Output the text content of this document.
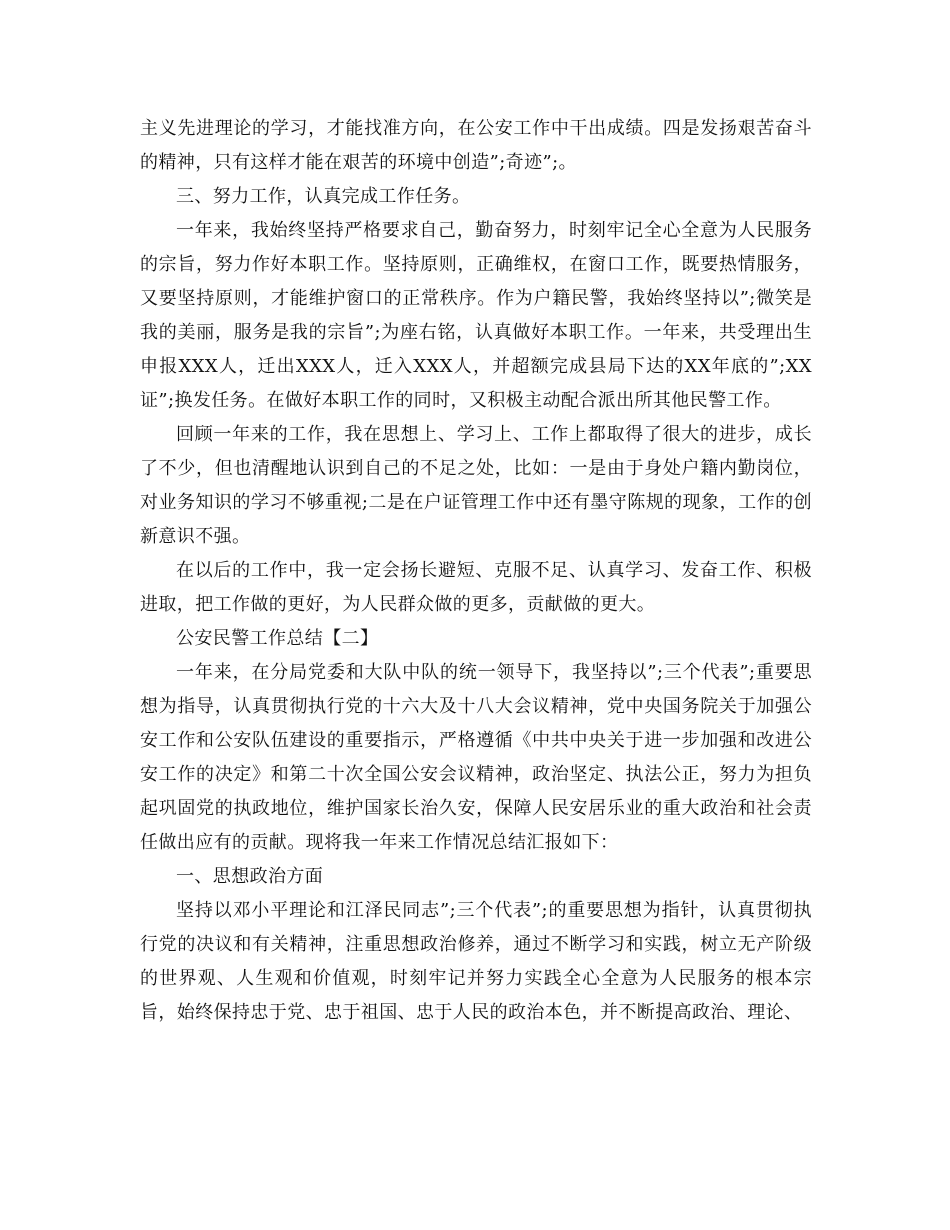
主义先进理论的学习，才能找准方向，在公安工作中干出成绩。四是发扬艰苦奋斗的精神，只有这样才能在艰苦的环境中创造”;奇迹”;。

三、努力工作，认真完成工作任务。

一年来，我始终坚持严格要求自己，勤奋努力，时刻牢记全心全意为人民服务的宗旨，努力作好本职工作。坚持原则，正确维权，在窗口工作，既要热情服务，又要坚持原则，才能维护窗口的正常秩序。作为户籍民警，我始终坚持以”;微笑是我的美丽，服务是我的宗旨”;为座右铭，认真做好本职工作。一年来，共受理出生申报XXX人，迁出XXX人，迁入XXX人，并超额完成县局下达的XX年底的”;XX证”;换发任务。在做好本职工作的同时，又积极主动配合派出所其他民警工作。

回顾一年来的工作，我在思想上、学习上、工作上都取得了很大的进步，成长了不少，但也清醒地认识到自己的不足之处，比如：一是由于身处户籍内勤岗位，对业务知识的学习不够重视;二是在户证管理工作中还有墨守陈规的现象，工作的创新意识不强。

在以后的工作中，我一定会扬长避短、克服不足、认真学习、发奋工作、积极进取，把工作做的更好，为人民群众做的更多，贡献做的更大。

公安民警工作总结【二】

一年来，在分局党委和大队中队的统一领导下，我坚持以”;三个代表”;重要思想为指导，认真贯彻执行党的十六大及十八大会议精神，党中央国务院关于加强公安工作和公安队伍建设的重要指示，严格遵循《中共中央关于进一步加强和改进公安工作的决定》和第二十次全国公安会议精神，政治坚定、执法公正，努力为担负起巩固党的执政地位，维护国家长治久安，保障人民安居乐业的重大政治和社会责任做出应有的贡献。现将我一年来工作情况总结汇报如下：

一、思想政治方面

坚持以邓小平理论和江泽民同志”;三个代表”;的重要思想为指针，认真贯彻执行党的决议和有关精神，注重思想政治修养，通过不断学习和实践，树立无产阶级的世界观、人生观和价值观，时刻牢记并努力实践全心全意为人民服务的根本宗旨，始终保持忠于党、忠于祖国、忠于人民的政治本色，并不断提高政治、理论、
